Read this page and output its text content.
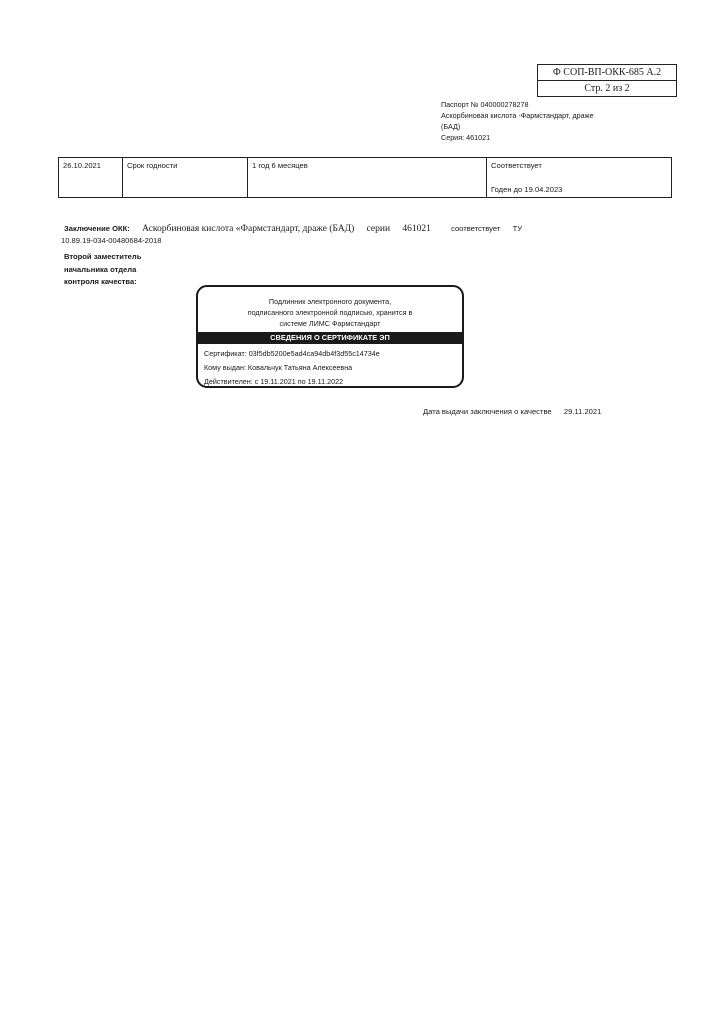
Ф СОП-ВП-ОКК-685 А.2
Стр. 2 из 2
Паспорт № 040000278278
Аскорбиновая кислота -Фармстандарт, драже
(БАД)
Серия: 461021
26.10.2021	Срок годности	1 год 6 месяцев	Соответствует
Годен до 19.04.2023
Заключение ОКК: Аскорбиновая кислота «Фармстандарт, драже (БАД) серии 461021	соответствует ТУ
10.89.19-034-00480684-2018
Второй заместитель
начальника отдела
контроля качества:
Подлинник электронного документа,
подписанного электронной подписью, хранится в
системе ЛИМС Фармстандарт
СВЕДЕНИЯ О СЕРТИФИКАТЕ ЭП
Сертификат: 03f5db5200e5ad4ca94db4f3d55c14734e
Кому выдан: Ковальчук Татьяна Алексеевна
Действителен: с 19.11.2021 по 19.11.2022
Дата выдачи заключения о качестве 29.11.2021
